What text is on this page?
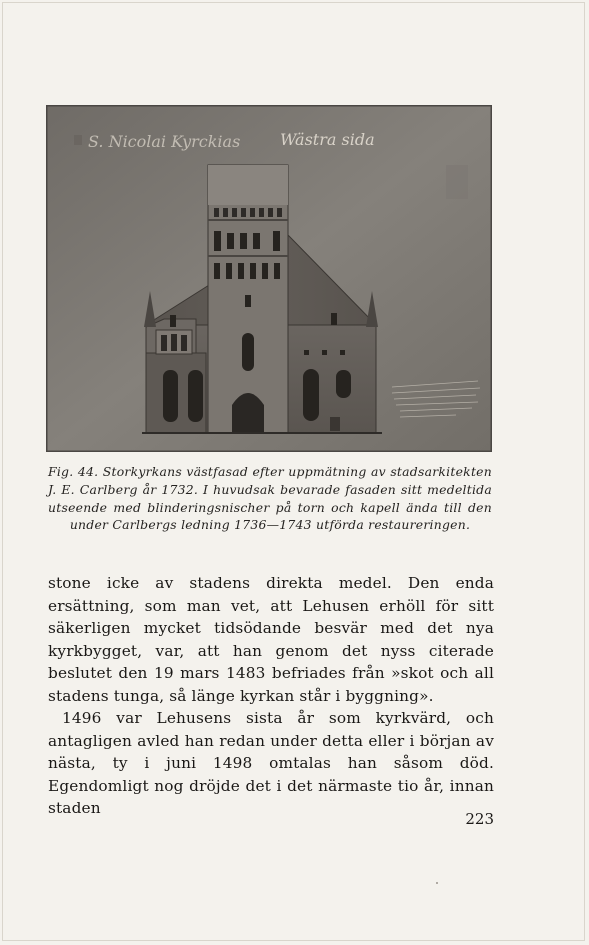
S. Nicolai Kyrckias Wästra sida
Fig. 44. Storkyrkans västfasad efter uppmätning av stadsarkitekten J. E. Carlberg år 1732. I huvudsak bevarade fasaden sitt medeltida utseende med blinderingsnischer på torn och kapell ända till den under Carlbergs ledning 1736—1743 utförda restaureringen.

stone icke av stadens direkta medel. Den enda ersättning, som man vet, att Lehusen erhöll för sitt säkerligen mycket tidsödande besvär med det nya kyrkbygget, var, att han genom det nyss citerade beslutet den 19 mars 1483 befriades från »skot och all stadens tunga, så länge kyrkan står i byggning».

1496 var Lehusens sista år som kyrkvärd, och antagligen avled han redan under detta eller i början av nästa, ty i juni 1498 omtalas han såsom död. Egendomligt nog dröjde det i det närmaste tio år, innan staden

223
